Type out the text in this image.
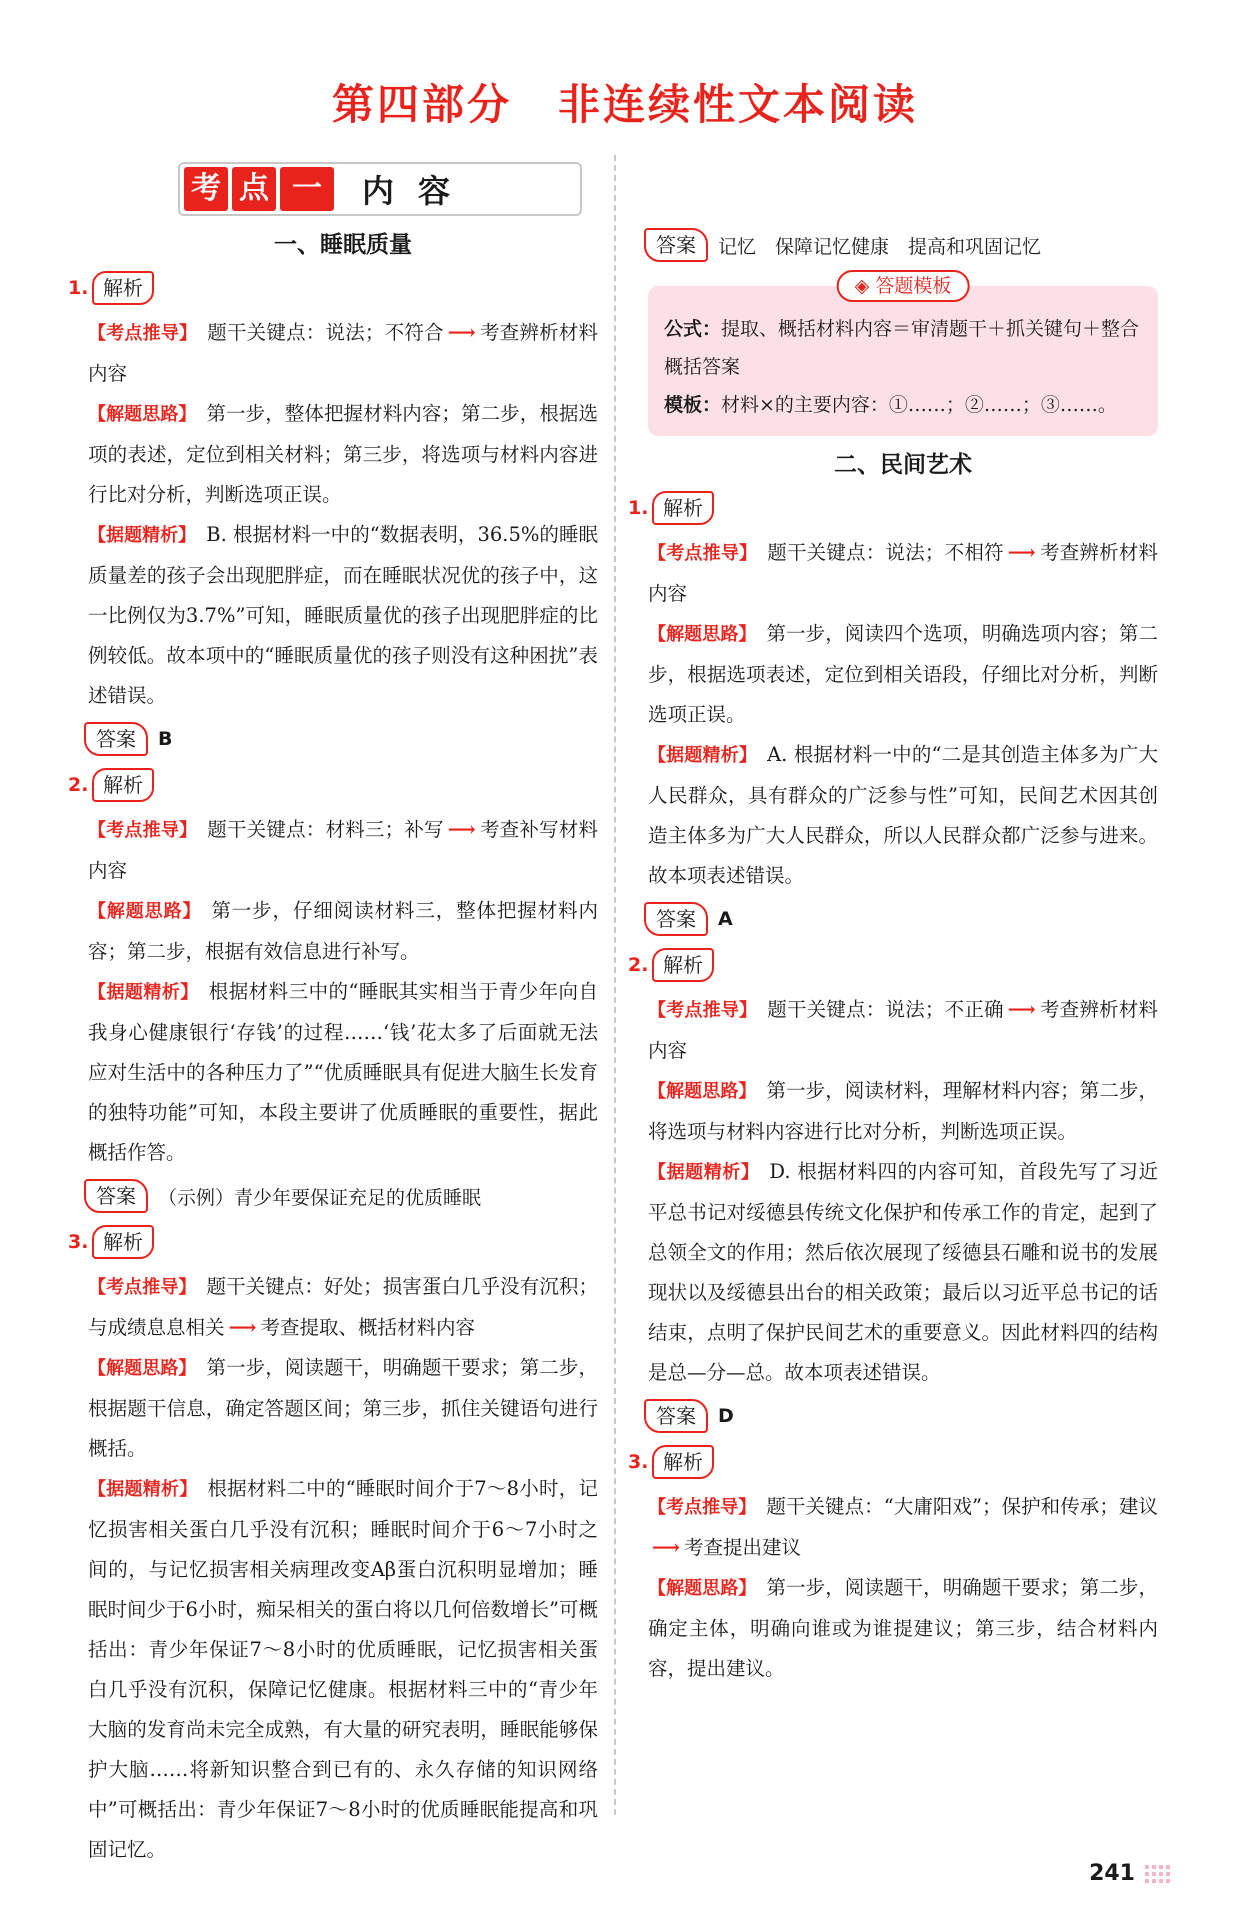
第四部分 非连续性文本阅读
考 点 一	内容
一、睡眠质量
1. 解析

【考点推导】 题干关键点：说法；不符合 ⟶ 考查辨析材料内容

【解题思路】 第一步，整体把握材料内容；第二步，根据选项的表述，定位到相关材料；第三步，将选项与材料内容进行比对分析，判断选项正误。

【据题精析】 B. 根据材料一中的“数据表明，36.5%的睡眠质量差的孩子会出现肥胖症，而在睡眠状况优的孩子中，这一比例仅为3.7%”可知，睡眠质量优的孩子出现肥胖症的比例较低。故本项中的“睡眠质量优的孩子则没有这种困扰”表述错误。

答案	B
2. 解析

【考点推导】 题干关键点：材料三；补写 ⟶ 考查补写材料内容

【解题思路】 第一步，仔细阅读材料三，整体把握材料内容；第二步，根据有效信息进行补写。

【据题精析】 根据材料三中的“睡眠其实相当于青少年向自我身心健康银行‘存钱’的过程……‘钱’花太多了后面就无法应对生活中的各种压力了”“优质睡眠具有促进大脑生长发育的独特功能”可知，本段主要讲了优质睡眠的重要性，据此概括作答。

答案	（示例）青少年要保证充足的优质睡眠
3. 解析

【考点推导】 题干关键点：好处；损害蛋白几乎没有沉积；与成绩息息相关 ⟶ 考查提取、概括材料内容

【解题思路】 第一步，阅读题干，明确题干要求；第二步，根据题干信息，确定答题区间；第三步，抓住关键语句进行概括。

【据题精析】 根据材料二中的“睡眠时间介于7～8小时，记忆损害相关蛋白几乎没有沉积；睡眠时间介于6～7小时之间的，与记忆损害相关病理改变Aβ蛋白沉积明显增加；睡眠时间少于6小时，痴呆相关的蛋白将以几何倍数增长”可概括出：青少年保证7～8小时的优质睡眠，记忆损害相关蛋白几乎没有沉积，保障记忆健康。根据材料三中的“青少年大脑的发育尚未完全成熟，有大量的研究表明，睡眠能够保护大脑……将新知识整合到已有的、永久存储的知识网络中”可概括出：青少年保证7～8小时的优质睡眠能提高和巩固记忆。

答案	记忆　保障记忆健康　提高和巩固记忆
◈ 答题模板

公式：提取、概括材料内容＝审清题干＋抓关键句＋整合概括答案

模板：材料×的主要内容：①……；②……；③……。

二、民间艺术
1. 解析

【考点推导】 题干关键点：说法；不相符 ⟶ 考查辨析材料内容

【解题思路】 第一步，阅读四个选项，明确选项内容；第二步，根据选项表述，定位到相关语段，仔细比对分析，判断选项正误。

【据题精析】 A. 根据材料一中的“二是其创造主体多为广大人民群众，具有群众的广泛参与性”可知，民间艺术因其创造主体多为广大人民群众，所以人民群众都广泛参与进来。故本项表述错误。

答案	A
2. 解析

【考点推导】 题干关键点：说法；不正确 ⟶ 考查辨析材料内容

【解题思路】 第一步，阅读材料，理解材料内容；第二步，将选项与材料内容进行比对分析，判断选项正误。

【据题精析】 D. 根据材料四的内容可知，首段先写了习近平总书记对绥德县传统文化保护和传承工作的肯定，起到了总领全文的作用；然后依次展现了绥德县石雕和说书的发展现状以及绥德县出台的相关政策；最后以习近平总书记的话结束，点明了保护民间艺术的重要意义。因此材料四的结构是总—分—总。故本项表述错误。

答案	D
3. 解析

【考点推导】 题干关键点：“大庸阳戏”；保护和传承；建议⟶ 考查提出建议

【解题思路】 第一步，阅读题干，明确题干要求；第二步，确定主体，明确向谁或为谁提建议；第三步，结合材料内容，提出建议。

241
